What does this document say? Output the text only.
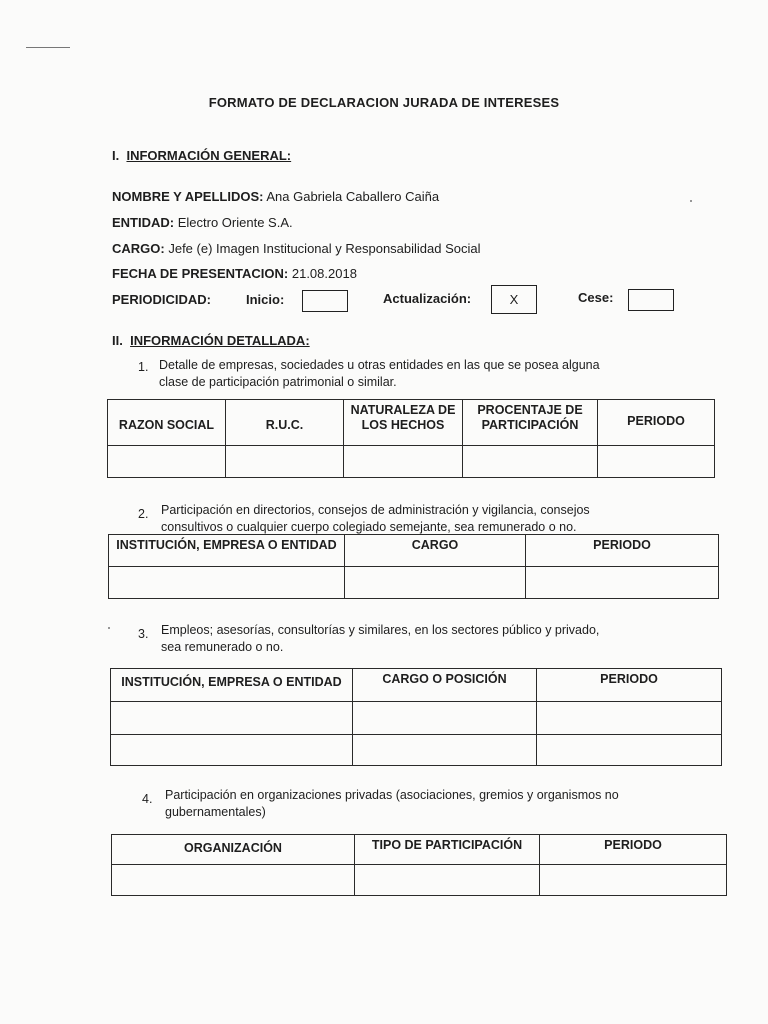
FORMATO DE DECLARACION JURADA DE INTERESES
I. INFORMACIÓN GENERAL:
NOMBRE Y APELLIDOS: Ana Gabriela Caballero Caiña
ENTIDAD: Electro Oriente S.A.
CARGO: Jefe (e) Imagen Institucional y Responsabilidad Social
FECHA DE PRESENTACION: 21.08.2018
PERIODICIDAD:	Inicio:	Actualización:	X	Cese:
II. INFORMACIÓN DETALLADA:
1. Detalle de empresas, sociedades u otras entidades en las que se posea alguna
clase de participación patrimonial o similar.
RAZON SOCIAL	R.U.C.	NATURALEZA DE LOS HECHOS	PROCENTAJE DE PARTICIPACIÓN	PERIODO

2. Participación en directorios, consejos de administración y vigilancia, consejos
consultivos o cualquier cuerpo colegiado semejante, sea remunerado o no.
INSTITUCIÓN, EMPRESA O ENTIDAD	CARGO	PERIODO

3. Empleos; asesorías, consultorías y similares, en los sectores público y privado,
sea remunerado o no.
INSTITUCIÓN, EMPRESA O ENTIDAD	CARGO O POSICIÓN	PERIODO

4. Participación en organizaciones privadas (asociaciones, gremios y organismos no
gubernamentales)
ORGANIZACIÓN	TIPO DE PARTICIPACIÓN	PERIODO
